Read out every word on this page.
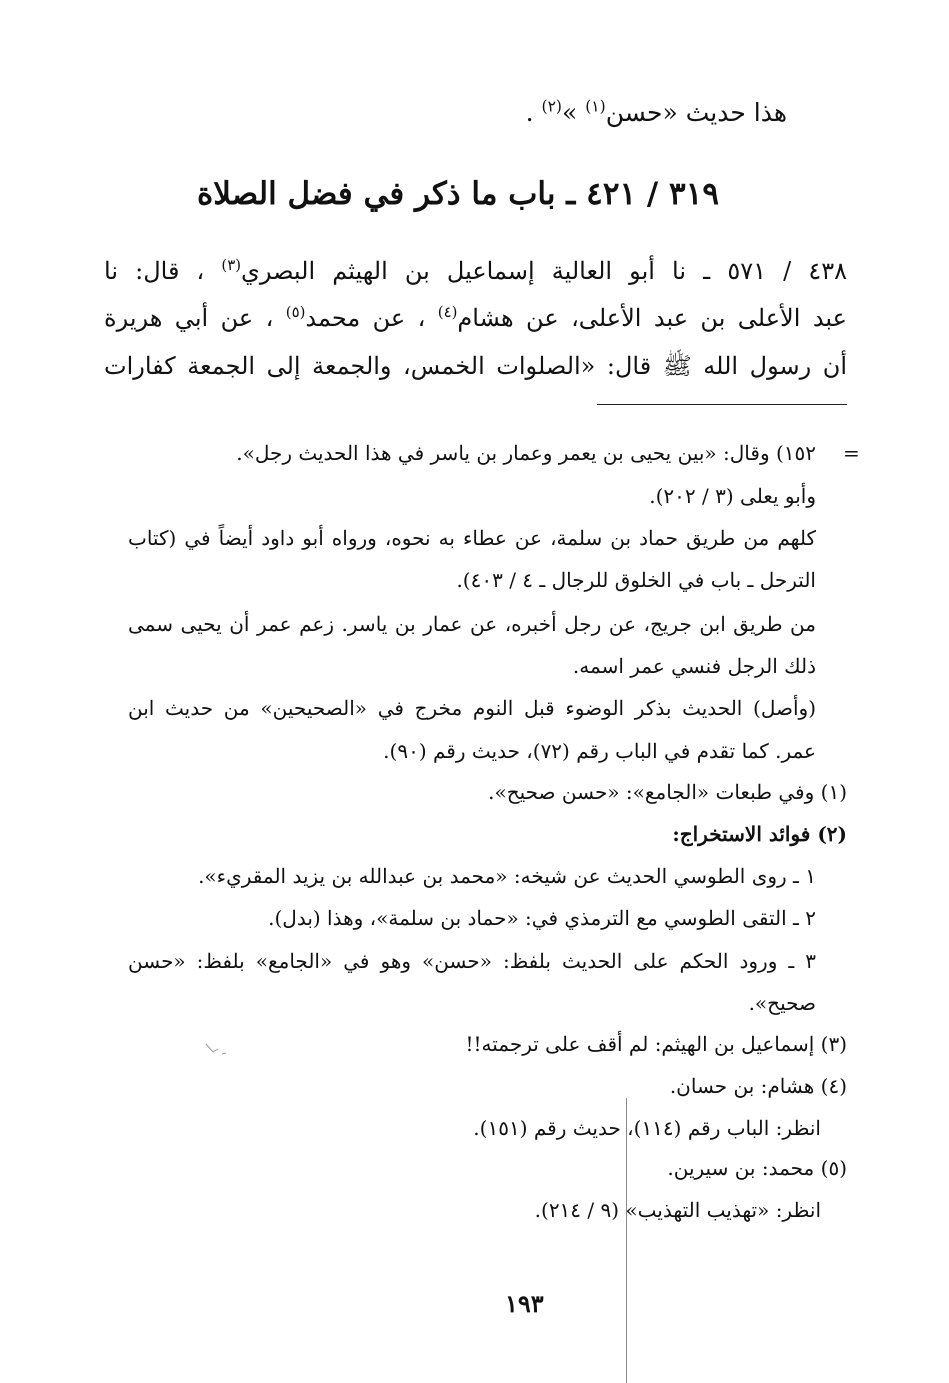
هذا حديث «حسن$^{(١)}$ »$^{(٢)}$ .
٣١٩ / ٤٢١ ـ باب ما ذكر في فضل الصلاة
٤٣٨ / ٥٧١ ـ نا أبو العالية إسماعيل بن الهيثم البصري$^{(٣)}$ ، قال: نا
عبد الأعلى بن عبد الأعلى، عن هشام$^{(٤)}$ ، عن محمد$^{(٥)}$ ، عن أبي هريرة
أن رسول الله ﷺ قال: «الصلوات الخمس، والجمعة إلى الجمعة كفارات
=
١٥٢) وقال: «بين يحيى بن يعمر وعمار بن ياسر في هذا الحديث رجل».
وأبو يعلى (٣ / ٢٠٢).
كلهم من طريق حماد بن سلمة، عن عطاء به نحوه، ورواه أبو داود أيضاً في (كتاب
الترحل ـ باب في الخلوق للرجال ـ ٤ / ٤٠٣).
من طريق ابن جريج، عن رجل أخبره، عن عمار بن ياسر. زعم عمر أن يحيى سمى
ذلك الرجل فنسي عمر اسمه.
(وأصل) الحديث بذكر الوضوء قبل النوم مخرج في «الصحيحين» من حديث ابن
عمر. كما تقدم في الباب رقم (٧٢)، حديث رقم (٩٠).
(١) وفي طبعات «الجامع»: «حسن صحيح».
(٢) فوائد الاستخراج:
١ ـ روى الطوسي الحديث عن شيخه: «محمد بن عبدالله بن يزيد المقريء».
٢ ـ التقى الطوسي مع الترمذي في: «حماد بن سلمة»، وهذا (بدل).
٣ ـ ورود الحكم على الحديث بلفظ: «حسن» وهو في «الجامع» بلفظ: «حسن
صحيح».
(٣) إسماعيل بن الهيثم: لم أقف على ترجمته!!
(٤) هشام: بن حسان.
انظر: الباب رقم (١١٤)، حديث رقم (١٥١).
(٥) محمد: بن سيرين.
انظر: «تهذيب التهذيب» (٩ / ٢١٤).
١٩٣
